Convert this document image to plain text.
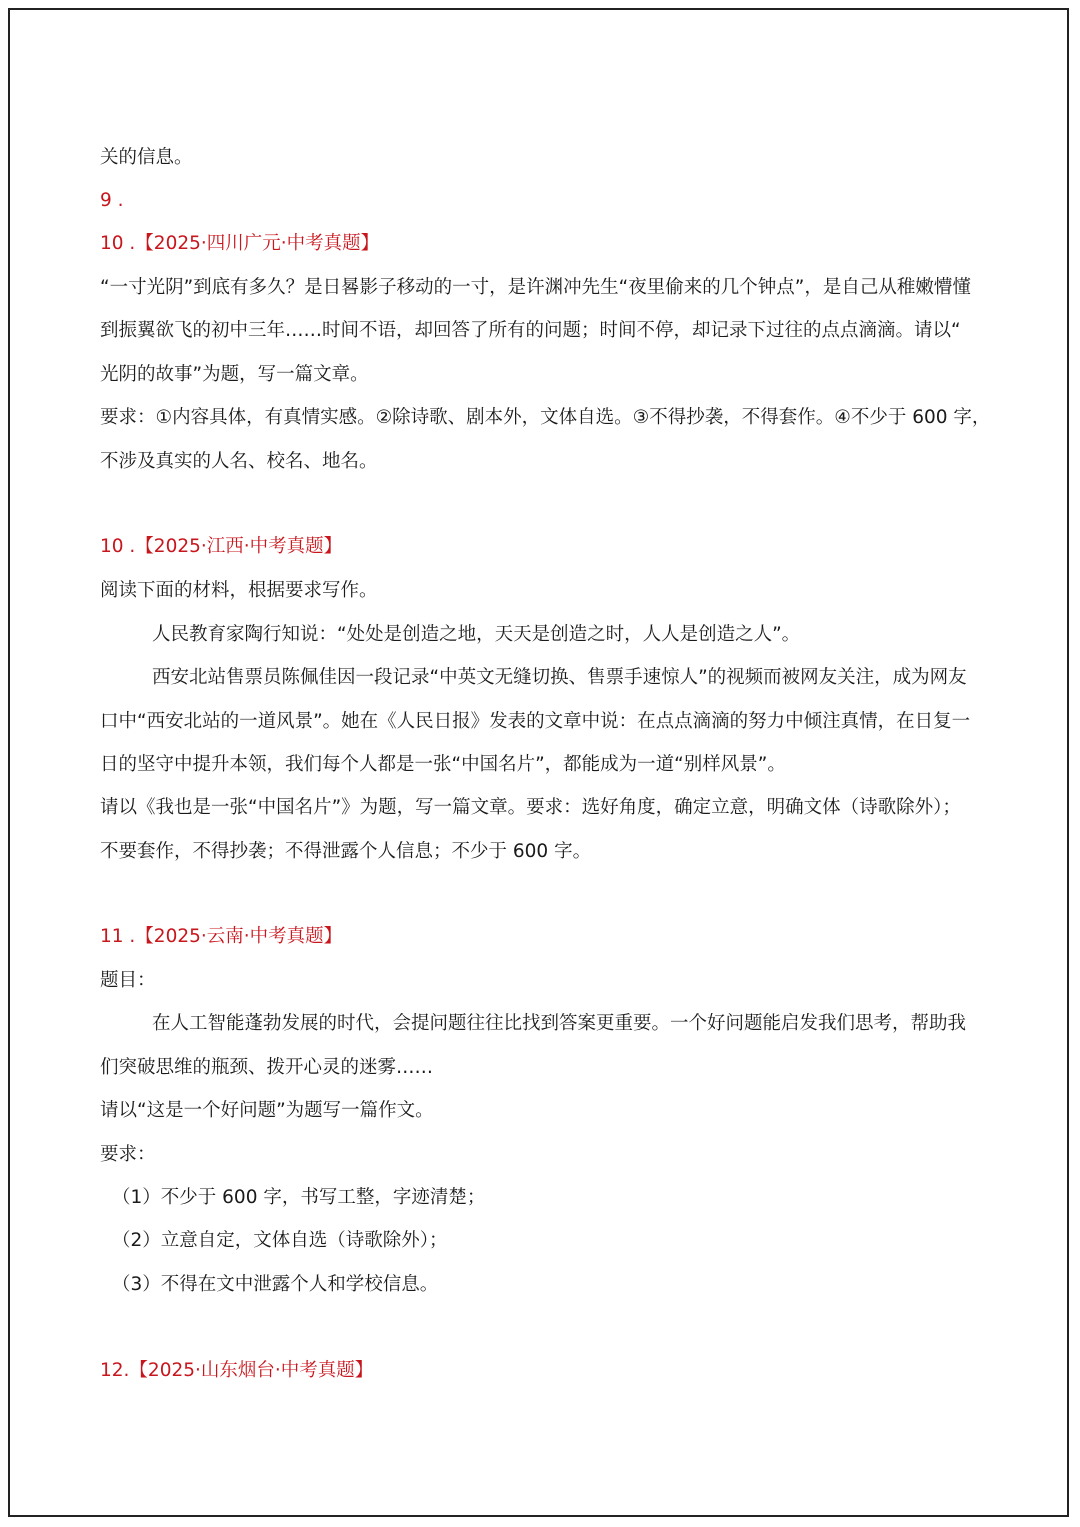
关的信息。
9 .
10 .【2025·四川广元·中考真题】
“一寸光阴”到底有多久？是日晷影子移动的一寸，是许渊冲先生“夜里偷来的几个钟点”，是自己从稚嫩懵懂
到振翼欲飞的初中三年……时间不语，却回答了所有的问题；时间不停，却记录下过往的点点滴滴。请以“
光阴的故事”为题，写一篇文章。
要求：①内容具体，有真情实感。②除诗歌、剧本外，文体自选。③不得抄袭，不得套作。④不少于 600 字，
不涉及真实的人名、校名、地名。
10 .【2025·江西·中考真题】
阅读下面的材料，根据要求写作。
人民教育家陶行知说：“处处是创造之地，天天是创造之时，人人是创造之人”。
西安北站售票员陈佩佳因一段记录“中英文无缝切换、售票手速惊人”的视频而被网友关注，成为网友
口中“西安北站的一道风景”。她在《人民日报》发表的文章中说：在点点滴滴的努力中倾注真情，在日复一
日的坚守中提升本领，我们每个人都是一张“中国名片”，都能成为一道“别样风景”。
请以《我也是一张“中国名片”》为题，写一篇文章。要求：选好角度，确定立意，明确文体（诗歌除外）；
不要套作，不得抄袭；不得泄露个人信息；不少于 600 字。
11 .【2025·云南·中考真题】
题目：
在人工智能蓬勃发展的时代，会提问题往往比找到答案更重要。一个好问题能启发我们思考，帮助我
们突破思维的瓶颈、拨开心灵的迷雾……
请以“这是一个好问题”为题写一篇作文。
要求：
（1）不少于 600 字，书写工整，字迹清楚；
（2）立意自定，文体自选（诗歌除外）；
（3）不得在文中泄露个人和学校信息。
12.【2025·山东烟台·中考真题】
